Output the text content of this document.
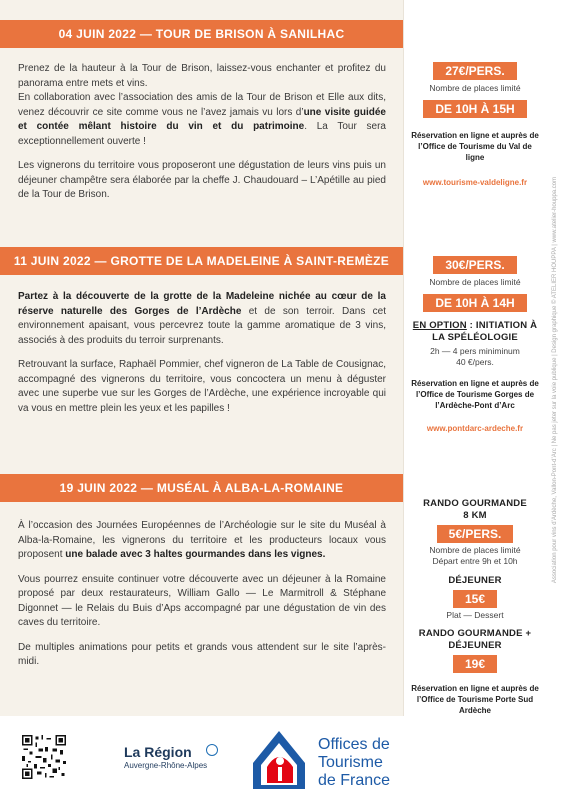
Association pour vins d’Ardèche, Vallon-Pont-d’Arc | Ne pas jeter sur la voie publique | Design graphique © ATELIER HOUPPA | www.atelier-houppa.com
04 JUIN 2022 — TOUR DE BRISON À SANILHAC

Prenez de la hauteur à la Tour de Brison, laissez-vous enchanter et profitez du panorama entre mets et vins.
En collaboration avec l’association des amis de la Tour de Brison et Elle aux dits, venez découvrir ce site comme vous ne l’avez jamais vu lors d’une visite guidée et contée mêlant histoire du vin et du patrimoine. La Tour sera exceptionnellement ouverte !

Les vignerons du territoire vous proposeront une dégustation de leurs vins puis un déjeuner champêtre sera élaborée par la cheffe J. Chaudouard – L’Apétille au pied de la Tour de Brison.

11 JUIN 2022 — GROTTE DE LA MADELEINE À SAINT-REMÈZE

Partez à la découverte de la grotte de la Madeleine nichée au cœur de la réserve naturelle des Gorges de l’Ardèche et de son terroir. Dans cet environnement apaisant, vous percevrez toute la gamme aromatique de 3 vins, associés à des produits du terroir surprenants.

Retrouvant la surface, Raphaël Pommier, chef vigneron de La Table de Cousignac, accompagné des vignerons du territoire, vous concoctera un menu à déguster avec une superbe vue sur les Gorges de l’Ardèche, une expérience incroyable qui va vous en mettre plein les yeux et les papilles !

19 JUIN 2022 — MUSÉAL À ALBA-LA-ROMAINE

À l’occasion des Journées Européennes de l’Archéologie sur le site du Muséal à Alba-la-Romaine, les vignerons du territoire et les producteurs locaux vous proposent une balade avec 3 haltes gourmandes dans les vignes.

Vous pourrez ensuite continuer votre découverte avec un déjeuner à la Romaine proposé par deux restaurateurs, William Gallo — Le Marmitroll & Stéphane Digonnet — le Relais du Buis d’Aps accompagné par une dégustation de vin des caves du territoire.

De multiples animations pour petits et grands vous attendent sur le site l’après-midi.

27€/PERS.
Nombre de places limité
DE 10H À 15H
Réservation en ligne et auprès de l’Office de Tourisme du Val de ligne
www.tourisme-valdeligne.fr
30€/PERS.
Nombre de places limité
DE 10H À 14H
EN OPTION : INITIATION À LA SPÉLÉOLOGIE
2h — 4 pers miniminum
40 €/pers.
Réservation en ligne et auprès de l’Office de Tourisme Gorges de l’Ardèche-Pont d’Arc
www.pontdarc-ardeche.fr
RANDO GOURMANDE 8 KM
5€/PERS.
Nombre de places limité
Départ entre 9h et 10h
DÉJEUNER
15€
Plat — Dessert
RANDO GOURMANDE + DÉJEUNER
19€
Réservation en ligne et auprès de l’Office de Tourisme Porte Sud Ardèche
La Région
Auvergne-Rhône-Alpes
Offices de
Tourisme
de France
